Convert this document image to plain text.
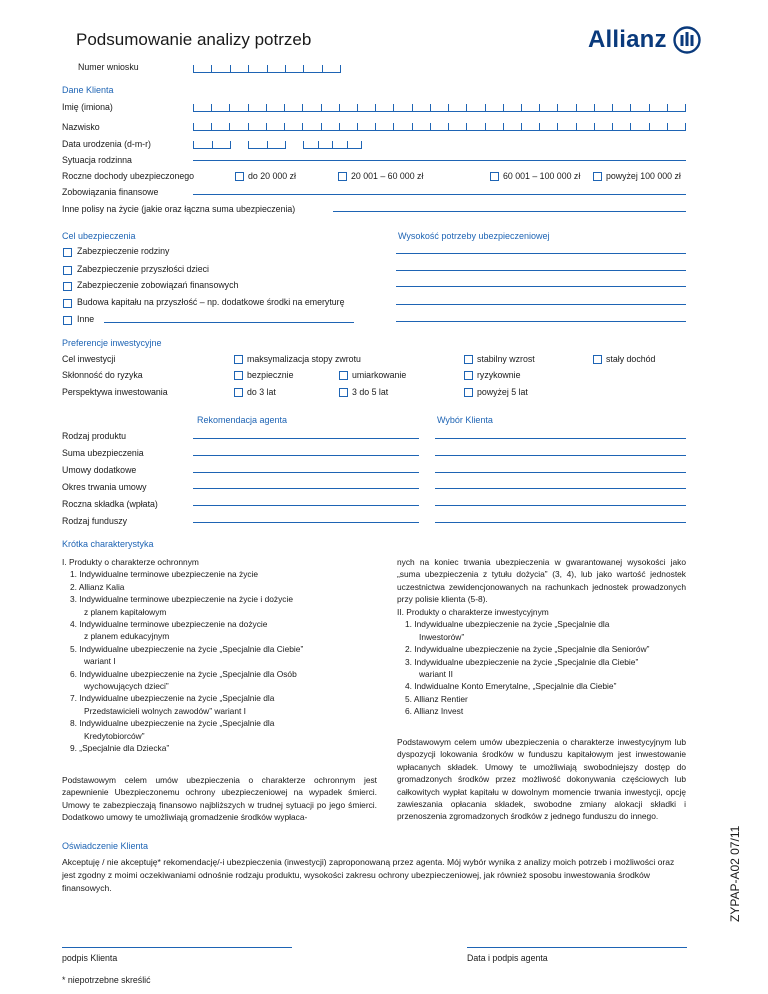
Podsumowanie analizy potrzeb	Allianz
Numer wniosku
Dane Klienta
Imię (imiona)
Nazwisko
Data urodzenia (d-m-r)
Sytuacja rodzinna
Roczne dochody ubezpieczonego	do 20 000 zł	20 001 – 60 000 zł	60 001 – 100 000 zł	powyżej 100 000 zł
Zobowiązania finansowe
Inne polisy na życie (jakie oraz łączna suma ubezpieczenia)
Cel ubezpieczenia	Wysokość potrzeby ubezpieczeniowej
Zabezpieczenie rodziny
Zabezpieczenie przyszłości dzieci
Zabezpieczenie zobowiązań finansowych
Budowa kapitału na przyszłość – np. dodatkowe środki na emeryturę
Inne
Preferencje inwestycyjne
Cel inwestycji	maksymalizacja stopy zwrotu	stabilny wzrost	stały dochód
Skłonność do ryzyka	bezpiecznie	umiarkowanie	ryzykownie
Perspektywa inwestowania	do 3 lat	3 do 5 lat	powyżej 5 lat
Rekomendacja agenta	Wybór Klienta
Rodzaj produktu
Suma ubezpieczenia
Umowy dodatkowe
Okres trwania umowy
Roczna składka (wpłata)
Rodzaj funduszy
Krótka charakterystyka
I. Produkty o charakterze ochronnym
1. Indywidualne terminowe ubezpieczenie na życie
2. Allianz Kalia
3. Indywidualne terminowe ubezpieczenie na życie i dożycie
z planem kapitałowym
4. Indywidualne terminowe ubezpieczenie na dożycie
z planem edukacyjnym
5. Indywidualne ubezpieczenie na życie „Specjalnie dla Ciebie”
wariant I
6. Indywidualne ubezpieczenie na życie „Specjalnie dla Osób
wychowujących dzieci”
7. Indywidualne ubezpieczenie na życie „Specjalnie dla
Przedstawicieli wolnych zawodów” wariant I
8. Indywidualne ubezpieczenie na życie „Specjalnie dla
Kredytobiorców”
9. „Specjalnie dla Dziecka”
Podstawowym celem umów ubezpieczenia o charakterze ochronnym jest zapewnienie Ubezpieczonemu ochrony ubezpieczeniowej na wypadek śmierci. Umowy te zabezpieczają finansowo najbliższych w trudnej sytuacji po jego śmierci. Dodatkowo umowy te umożliwiają gromadzenie środków wypłaca-
nych na koniec trwania ubezpieczenia w gwarantowanej wysokości jako „suma ubezpieczenia z tytułu dożycia” (3, 4), lub jako wartość jednostek uczestnictwa zewidencjonowanych na rachunkach jednostek prowadzonych przy polisie klienta (5-8).
II. Produkty o charakterze inwestycyjnym
1. Indywidualne ubezpieczenie na życie „Specjalnie dla
Inwestorów”
2. Indywidualne ubezpieczenie na życie „Specjalnie dla Seniorów”
3. Indywidualne ubezpieczenie na życie „Specjalnie dla Ciebie”
wariant II
4. Indwidualne Konto Emerytalne, „Specjalnie dla Ciebie”
5. Allianz Rentier
6. Allianz Invest
Podstawowym celem umów ubezpieczenia o charakterze inwestycyjnym lub dyspozycji lokowania środków w funduszu kapitałowym jest inwestowanie wpłacanych składek. Umowy te umożliwiają swobodniejszy dostęp do gromadzonych środków przez możliwość dokonywania częściowych lub całkowitych wypłat kapitału w dowolnym momencie trwania inwestycji, opcję zawieszania opłacania składek, swobodne zmiany alokacji składki i przenoszenia zgromadzonych środków z jednego funduszu do innego.
Oświadczenie Klienta
Akceptuję / nie akceptuję* rekomendację/-i ubezpieczenia (inwestycji) zaproponowaną przez agenta. Mój wybór wynika z analizy moich potrzeb i możliwości oraz jest zgodny z moimi oczekiwaniami odnośnie rodzaju produktu, wysokości zakresu ochrony ubezpieczeniowej, jak również sposobu inwestowania środków finansowych.
podpis Klienta	Data i podpis agenta
* niepotrzebne skreślić
ZYPAP-A02 07/11
